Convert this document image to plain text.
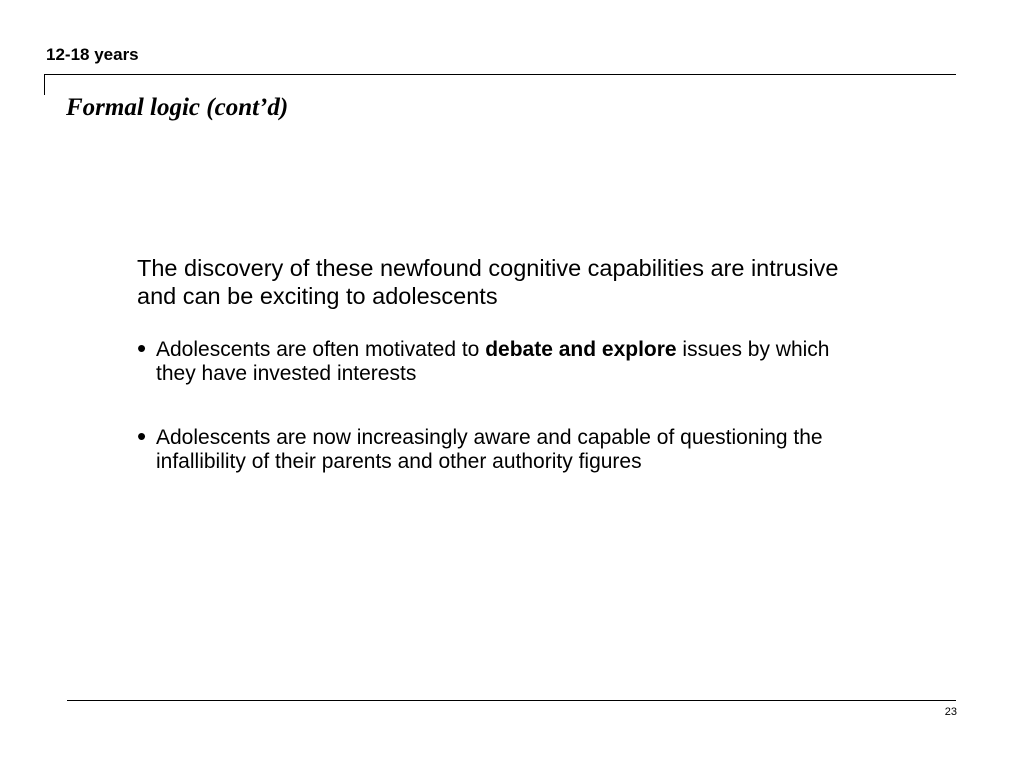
12-18 years
Formal logic (cont’d)

The discovery of these newfound cognitive capabilities are intrusive and can be exciting to adolescents

• Adolescents are often motivated to debate and explore issues by which they have invested interests
• Adolescents are now increasingly aware and capable of questioning the infallibility of their parents and other authority figures
23
